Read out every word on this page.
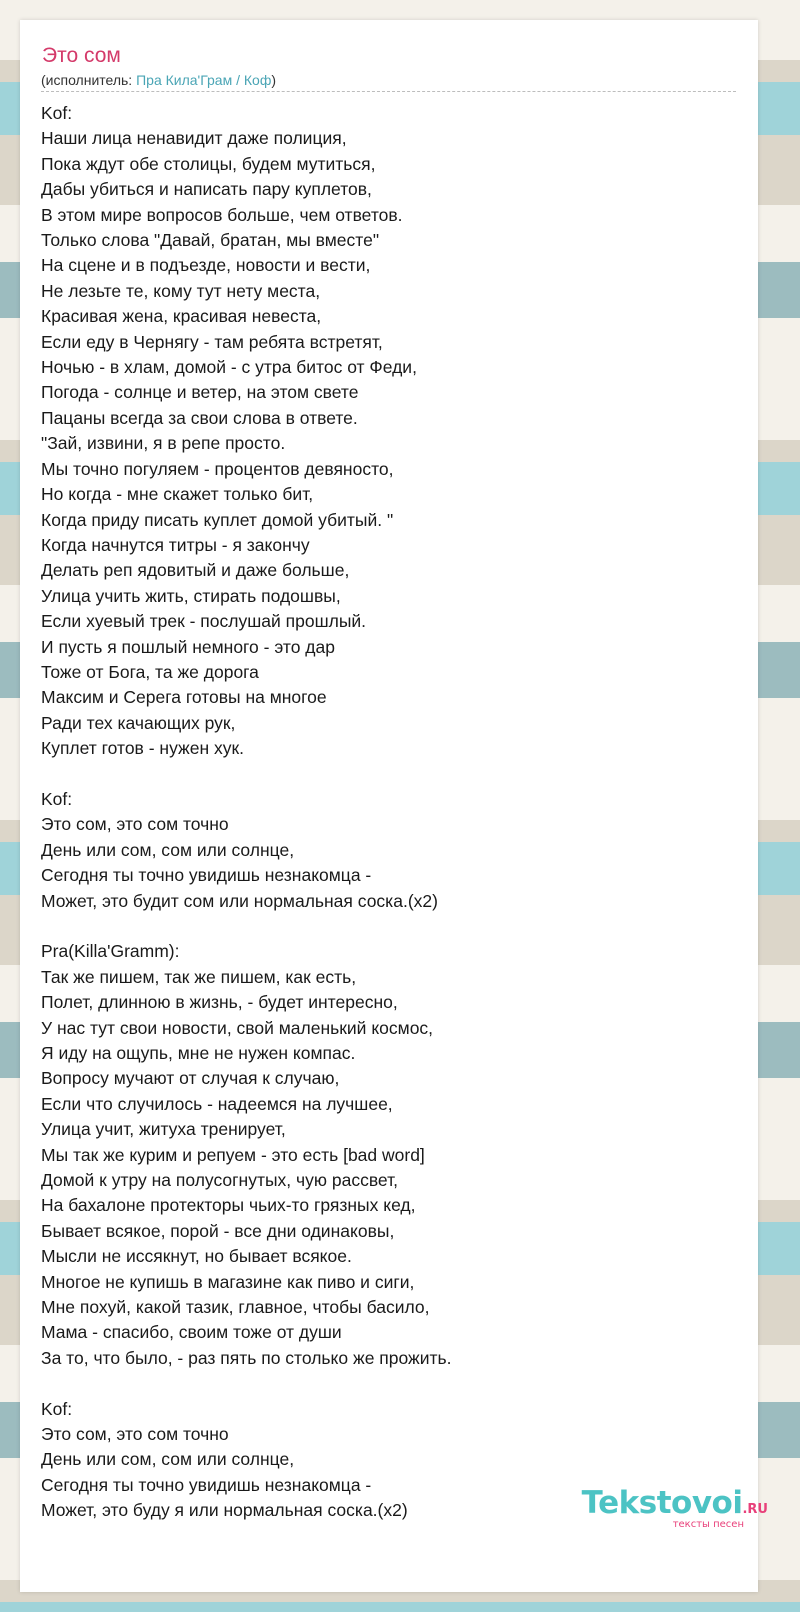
Это сом
(исполнитель: Пра Кила'Грам / Коф)
Kof:
Наши лица ненавидит даже полиция,
Пока ждут обе столицы, будем мутиться,
Дабы убиться и написать пару куплетов,
В этом мире вопросов больше, чем ответов.
Только слова "Давай, братан, мы вместе"
На сцене и в подъезде, новости и вести,
Не лезьте те, кому тут нету места,
Красивая жена, красивая невеста,
Если еду в Чернягу - там ребята встретят,
Ночью - в хлам, домой - с утра битос от Феди,
Погода - солнце и ветер, на этом свете
Пацаны всегда за свои слова в ответе.
"Зай, извини, я в репе просто.
Мы точно погуляем - процентов девяносто,
Но когда - мне скажет только бит,
Когда приду писать куплет домой убитый. "
Когда начнутся титры - я закончу
Делать реп ядовитый и даже больше,
Улица учить жить, стирать подошвы,
Если хуевый трек - послушай прошлый.
И пусть я пошлый немного - это дар
Тоже от Бога, та же дорога
Максим и Серега готовы на многое
Ради тех качающих рук,
Куплет готов - нужен хук.
Kof:
Это сом, это сом точно
День или сом, сом или солнце,
Сегодня ты точно увидишь незнакомца -
Может, это будит сом или нормальная соска.(x2)
Pra(Killa'Gramm):
Так же пишем, так же пишем, как есть,
Полет, длинною в жизнь, - будет интересно,
У нас тут свои новости, свой маленький космос,
Я иду на ощупь, мне не нужен компас.
Вопросу мучают от случая к случаю,
Если что случилось - надеемся на лучшее,
Улица учит, житуха тренирует,
Мы так же курим и репуем - это есть [bad word]
Домой к утру на полусогнутых, чую рассвет,
На бахалоне протекторы чьих-то грязных кед,
Бывает всякое, порой - все дни одинаковы,
Мысли не иссякнут, но бывает всякое.
Многое не купишь в магазине как пиво и сиги,
Мне похуй, какой тазик, главное, чтобы басило,
Мама - спасибо, своим тоже от души
За то, что было, - раз пять по столько же прожить.
Kof:
Это сом, это сом точно
День или сом, сом или солнце,
Сегодня ты точно увидишь незнакомца -
Может, это буду я или нормальная соска.(x2)	Tekstovoi.RU
тексты песен
